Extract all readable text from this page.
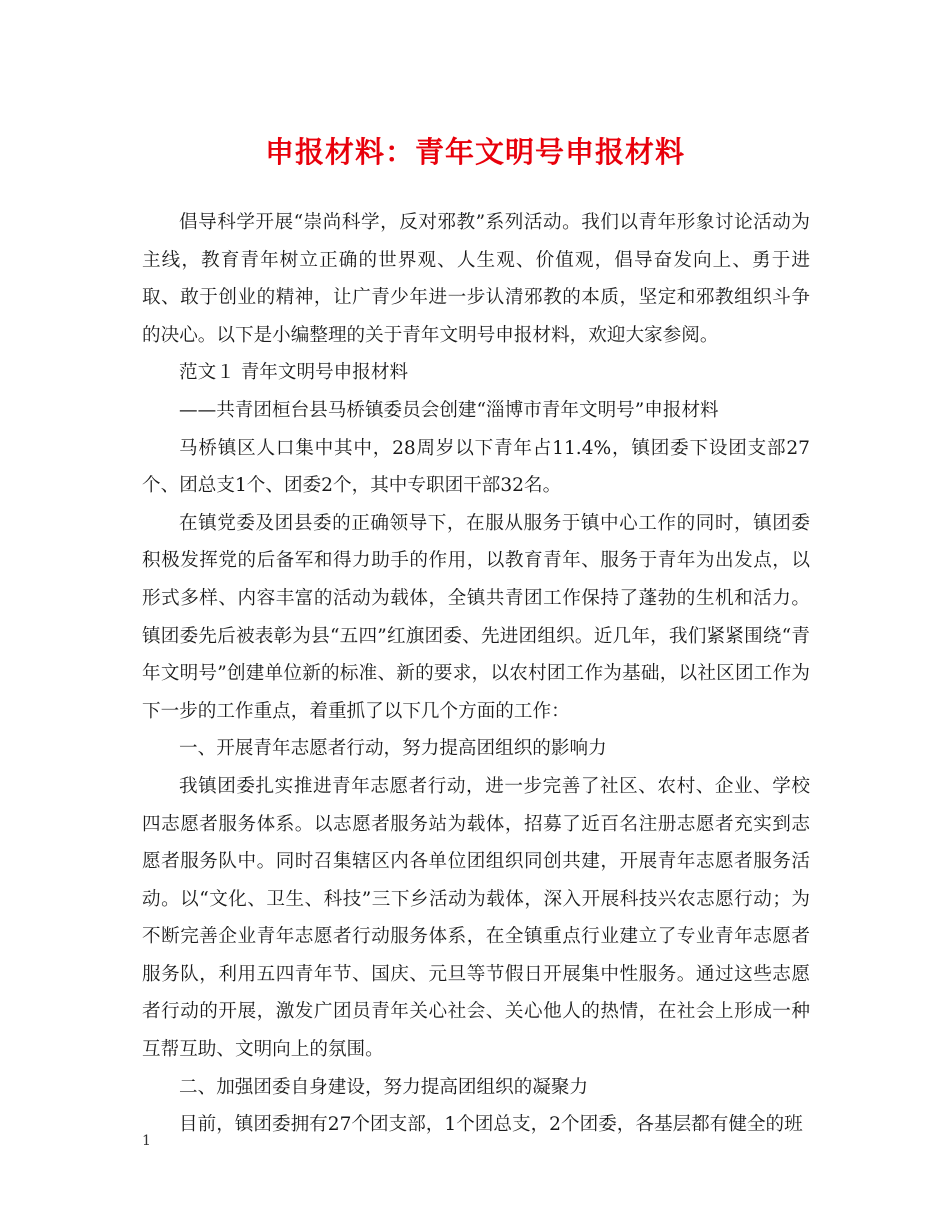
申报材料：青年文明号申报材料

倡导科学开展“崇尚科学，反对邪教”系列活动。我们以青年形象讨论活动为主线，教育青年树立正确的世界观、人生观、价值观，倡导奋发向上、勇于进取、敢于创业的精神，让广青少年进一步认清邪教的本质，坚定和邪教组织斗争的决心。以下是小编整理的关于青年文明号申报材料，欢迎大家参阅。

范文１ 青年文明号申报材料

——共青团桓台县马桥镇委员会创建“淄博市青年文明号”申报材料

马桥镇区人口集中其中，28周岁以下青年占11.4%，镇团委下设团支部27个、团总支1个、团委2个，其中专职团干部32名。

在镇党委及团县委的正确领导下，在服从服务于镇中心工作的同时，镇团委积极发挥党的后备军和得力助手的作用，以教育青年、服务于青年为出发点，以形式多样、内容丰富的活动为载体，全镇共青团工作保持了蓬勃的生机和活力。镇团委先后被表彰为县“五四”红旗团委、先进团组织。近几年，我们紧紧围绕“青年文明号”创建单位新的标准、新的要求，以农村团工作为基础，以社区团工作为下一步的工作重点，着重抓了以下几个方面的工作：

一、开展青年志愿者行动，努力提高团组织的影响力

我镇团委扎实推进青年志愿者行动，进一步完善了社区、农村、企业、学校四志愿者服务体系。以志愿者服务站为载体，招募了近百名注册志愿者充实到志愿者服务队中。同时召集辖区内各单位团组织同创共建，开展青年志愿者服务活动。以“文化、卫生、科技”三下乡活动为载体，深入开展科技兴农志愿行动；为不断完善企业青年志愿者行动服务体系，在全镇重点行业建立了专业青年志愿者服务队，利用五四青年节、国庆、元旦等节假日开展集中性服务。通过这些志愿者行动的开展，激发广团员青年关心社会、关心他人的热情，在社会上形成一种互帮互助、文明向上的氛围。

二、加强团委自身建设，努力提高团组织的凝聚力

目前，镇团委拥有27个团支部，1个团总支，2个团委，各基层都有健全的班

1
